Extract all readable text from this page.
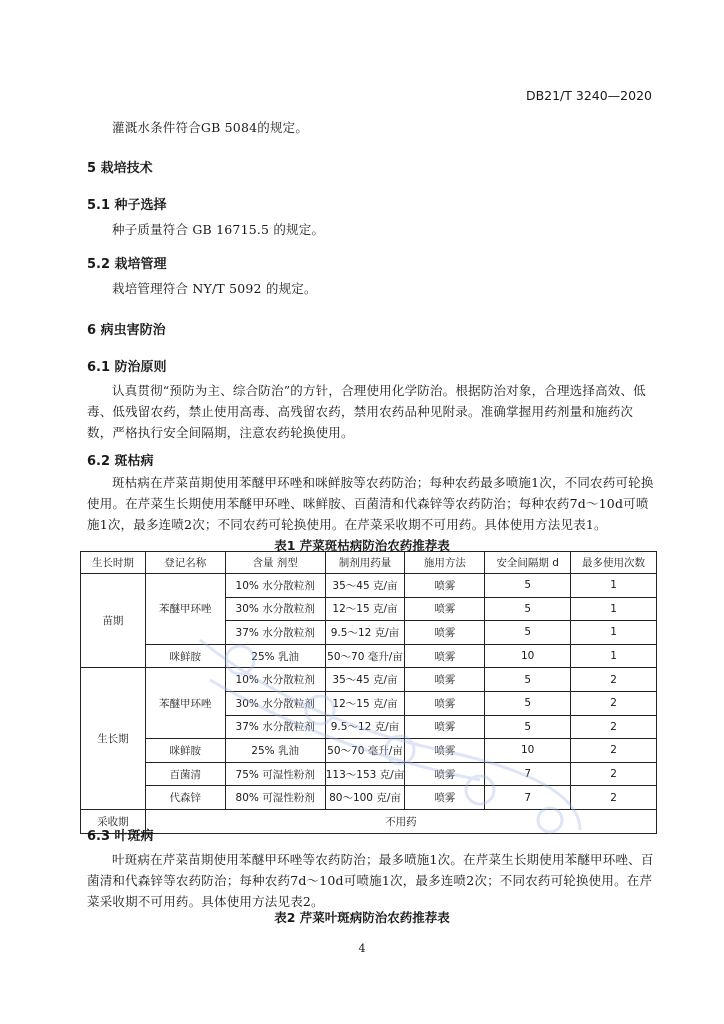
DB21/T 3240—2020
灌溉水条件符合GB 5084的规定。
5 栽培技术
5.1 种子选择
种子质量符合 GB 16715.5 的规定。
5.2 栽培管理
栽培管理符合 NY/T 5092 的规定。
6 病虫害防治
6.1 防治原则
认真贯彻“预防为主、综合防治”的方针，合理使用化学防治。根据防治对象，合理选择高效、低毒、低残留农药，禁止使用高毒、高残留农药，禁用农药品种见附录。准确掌握用药剂量和施药次数，严格执行安全间隔期，注意农药轮换使用。
6.2 斑枯病
斑枯病在芹菜苗期使用苯醚甲环唑和咪鲜胺等农药防治；每种农药最多喷施1次，不同农药可轮换使用。在芹菜生长期使用苯醚甲环唑、咪鲜胺、百菌清和代森锌等农药防治；每种农药7d～10d可喷施1次，最多连喷2次；不同农药可轮换使用。在芹菜采收期不可用药。具体使用方法见表1。
表1 芹菜斑枯病防治农药推荐表
生长时期	登记名称	含量 剂型	制剂用药量	施用方法	安全间隔期 d	最多使用次数
苗期	苯醚甲环唑	10% 水分散粒剂	35～45 克/亩	喷雾	5	1
		30% 水分散粒剂	12～15 克/亩	喷雾	5	1
		37% 水分散粒剂	9.5～12 克/亩	喷雾	5	1
	咪鲜胺	25% 乳油	50～70 毫升/亩	喷雾	10	1
生长期	苯醚甲环唑	10% 水分散粒剂	35～45 克/亩	喷雾	5	2
		30% 水分散粒剂	12～15 克/亩	喷雾	5	2
		37% 水分散粒剂	9.5～12 克/亩	喷雾	5	2
	咪鲜胺	25% 乳油	50～70 毫升/亩	喷雾	10	2
	百菌清	75% 可湿性粉剂	113～153 克/亩	喷雾	7	2
	代森锌	80% 可湿性粉剂	80～100 克/亩	喷雾	7	2
采收期	不用药					
6.3 叶斑病
叶斑病在芹菜苗期使用苯醚甲环唑等农药防治；最多喷施1次。在芹菜生长期使用苯醚甲环唑、百菌清和代森锌等农药防治；每种农药7d～10d可喷施1次，最多连喷2次；不同农药可轮换使用。在芹菜采收期不可用药。具体使用方法见表2。
表2 芹菜叶斑病防治农药推荐表
4
